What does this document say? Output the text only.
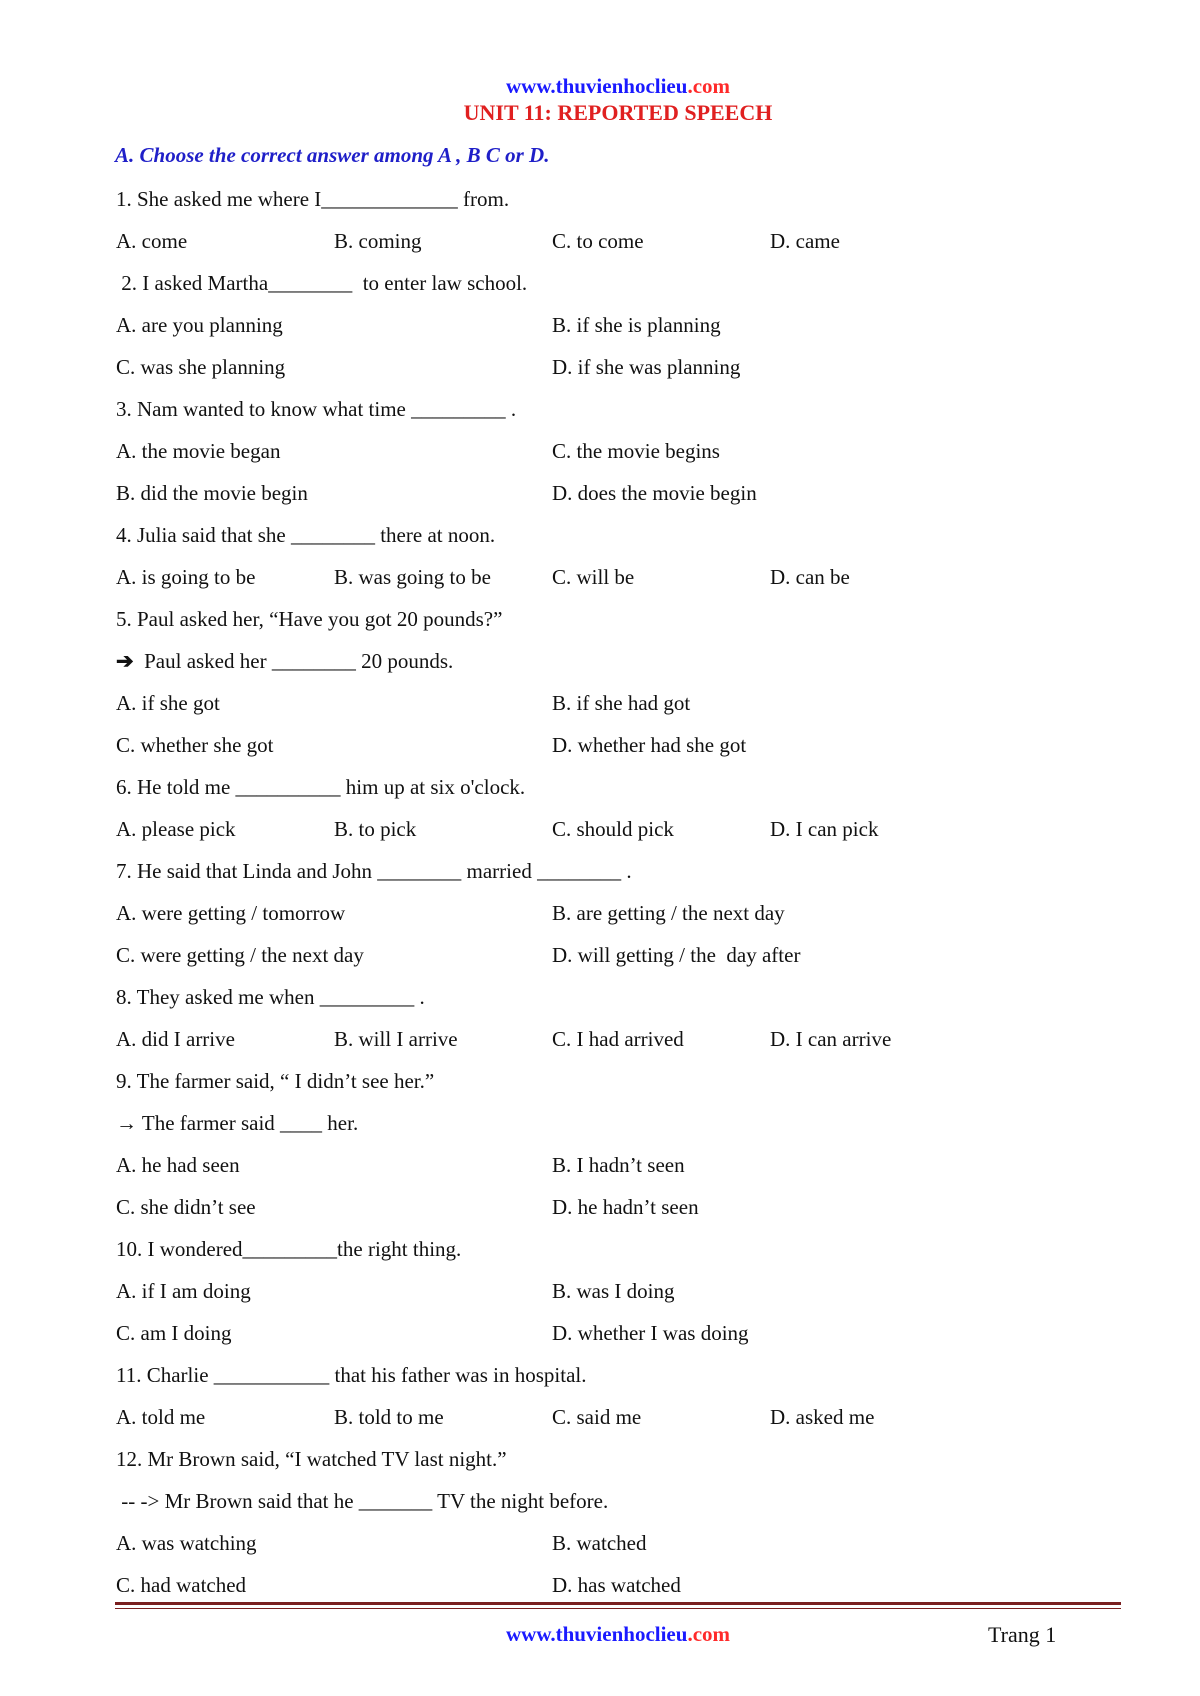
www.thuvienhoclieu.com
UNIT 11: REPORTED SPEECH
A. Choose the correct answer among A , B C or D.
1. She asked me where I_____________ from.
A. come	B. coming	C. to come	D. came
2. I asked Martha________  to enter law school.
A. are you planning	B. if she is planning
C. was she planning	D. if she was planning
3. Nam wanted to know what time _________ .
A. the movie began	C. the movie begins
B. did the movie begin	D. does the movie begin
4. Julia said that she ________ there at noon.
A. is going to be	B. was going to be	C. will be	D. can be
5. Paul asked her, “Have you got 20 pounds?”
➔  Paul asked her ________ 20 pounds.
A. if she got	B. if she had got
C. whether she got	D. whether had she got
6. He told me __________ him up at six o'clock.
A. please pick	B. to pick	C. should pick	D. I can pick
7. He said that Linda and John ________ married ________ .
A. were getting / tomorrow	B. are getting / the next day
C. were getting / the next day	D. will getting / the  day after
8. They asked me when _________ .
A. did I arrive	B. will I arrive	C. I had arrived	D. I can arrive
9. The farmer said, “ I didn’t see her.”
→ The farmer said ____ her.
A. he had seen	B. I hadn’t seen
C. she didn’t see	D. he hadn’t seen
10. I wondered_________the right thing.
A. if I am doing	B. was I doing
C. am I doing	D. whether I was doing
11. Charlie ___________ that his father was in hospital.
A. told me	B. told to me	C. said me	D. asked me
12. Mr Brown said, “I watched TV last night.”
-- -> Mr Brown said that he _______ TV the night before.
A. was watching	B. watched
C. had watched	D. has watched
www.thuvienhoclieu.com	Trang 1
